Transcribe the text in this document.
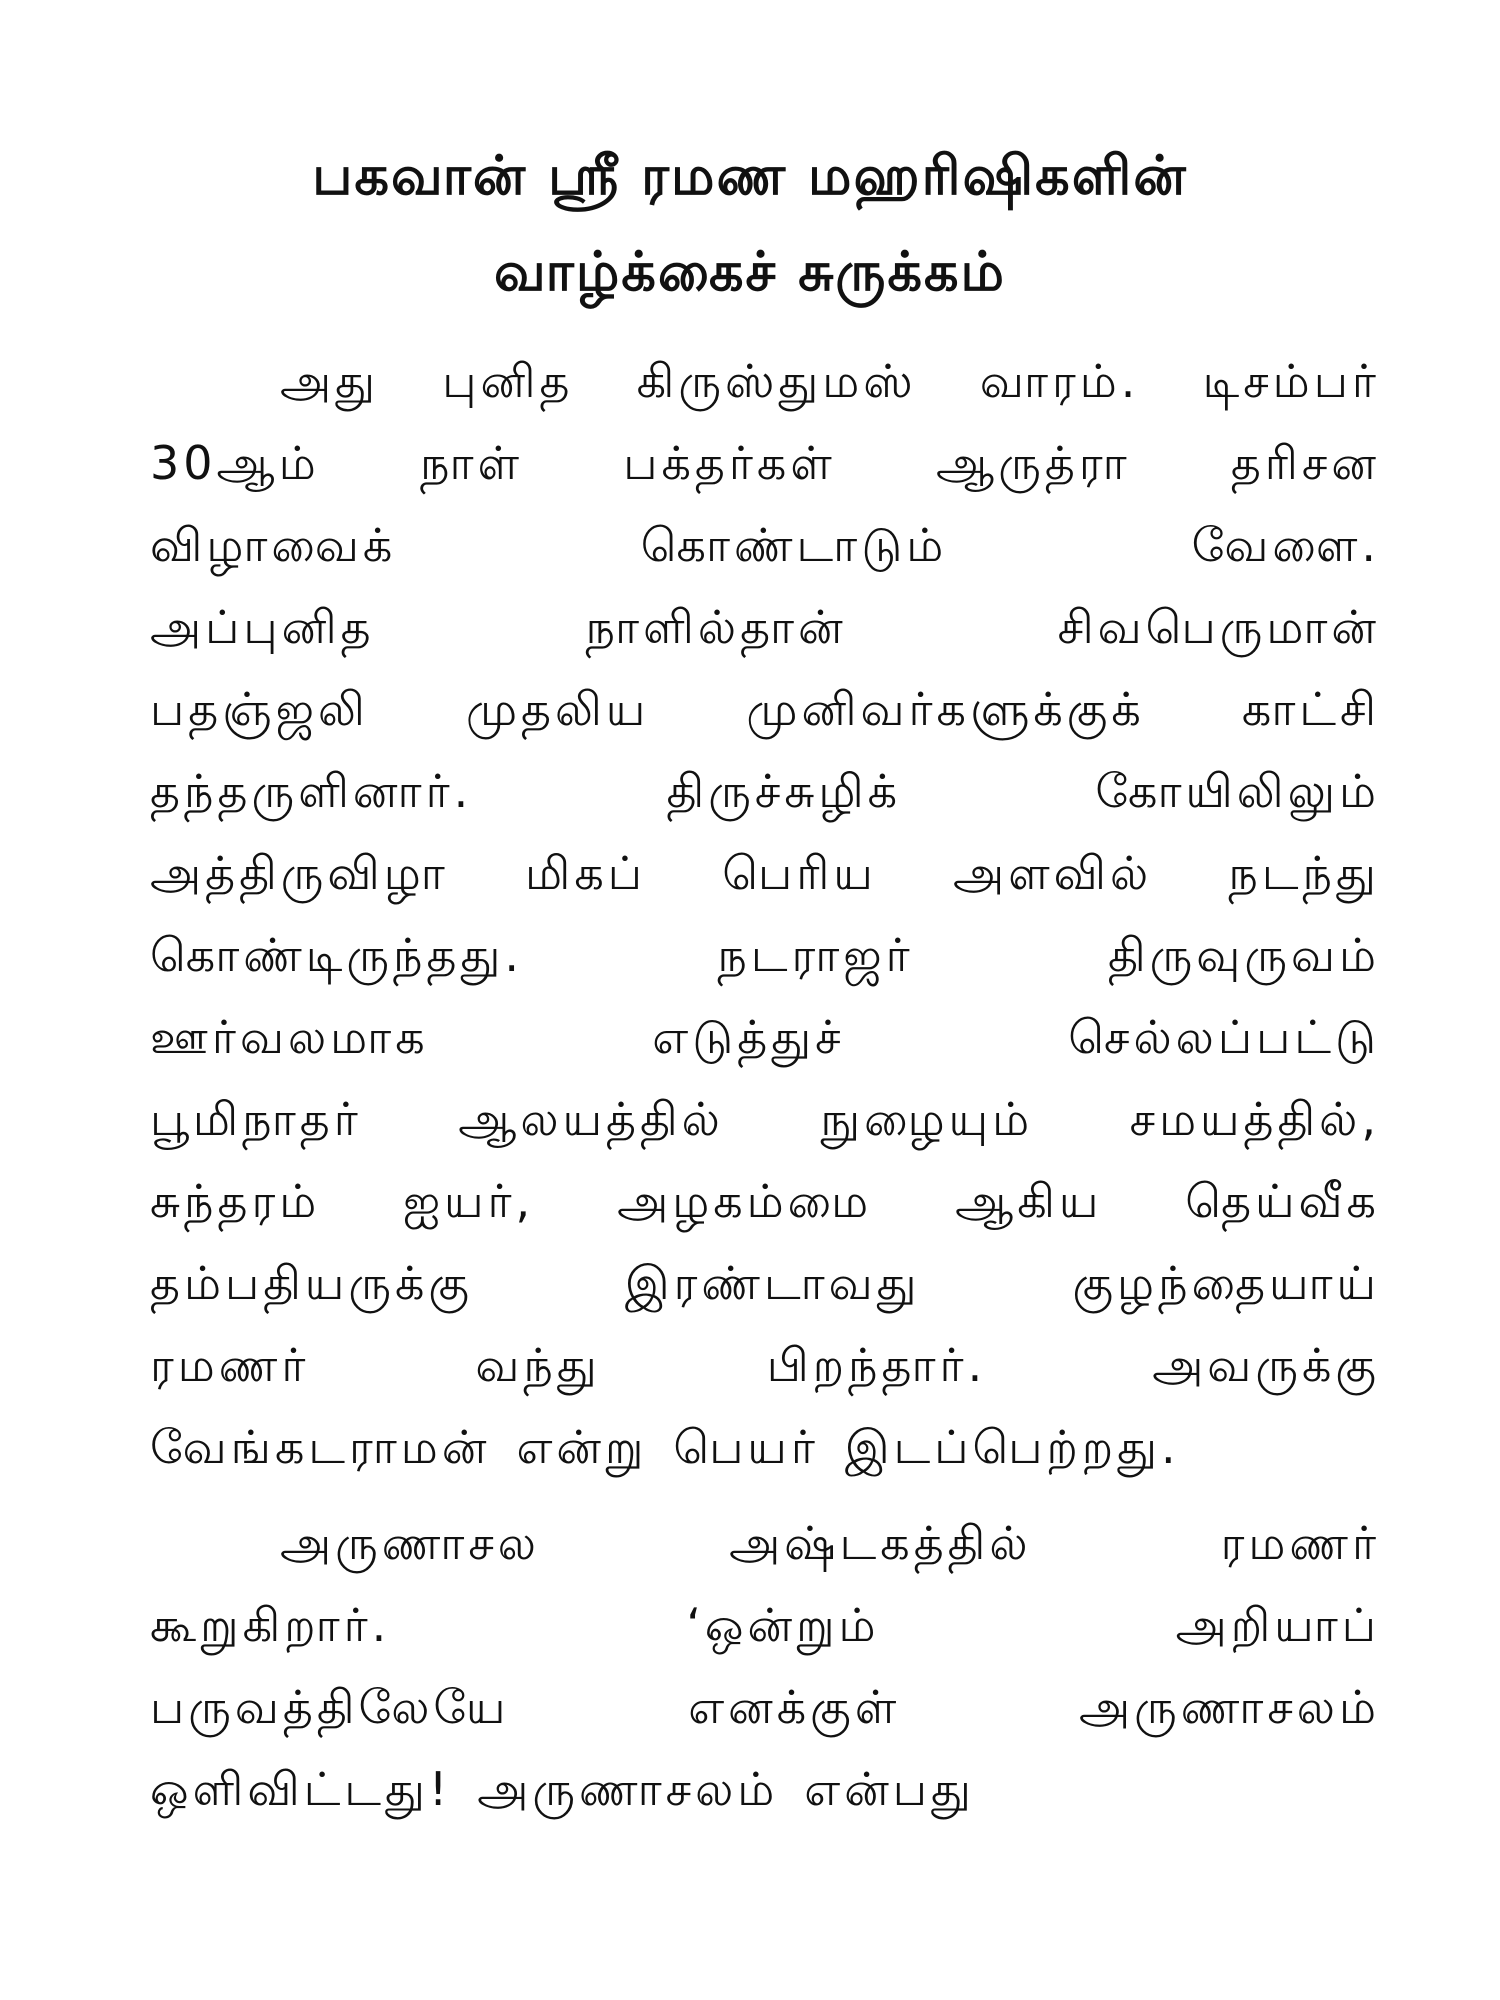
பகவான் ஸ்ரீ ரமண மஹரிஷிகளின்
வாழ்க்கைச் சுருக்கம்
அது புனித கிருஸ்துமஸ் வாரம். டிசம்பர்
30ஆம் நாள் பக்தர்கள் ஆருத்ரா தரிசன
விழாவைக்	கொண்டாடும்	வேளை.
அப்புனித	நாளில்தான்	சிவபெருமான்
பதஞ்ஜலி முதலிய முனிவர்களுக்குக் காட்சி
தந்தருளினார்.	திருச்சுழிக்	கோயிலிலும்
அத்திருவிழா மிகப் பெரிய அளவில் நடந்து
கொண்டிருந்தது.	நடராஜர்	திருவுருவம்
ஊர்வலமாக	எடுத்துச்	செல்லப்பட்டு
பூமிநாதர் ஆலயத்தில் நுழையும் சமயத்தில்,
சுந்தரம் ஐயர், அழகம்மை ஆகிய தெய்வீக
தம்பதியருக்கு	இரண்டாவது	குழந்தையாய்
ரமணர்	வந்து	பிறந்தார்.	அவருக்கு
வேங்கடராமன் என்று பெயர் இடப்பெற்றது.
அருணாசல	அஷ்டகத்தில்	ரமணர்
கூறுகிறார்.	‘ஒன்றும்	அறியாப்
பருவத்திலேயே	எனக்குள்	அருணாசலம்
ஒளிவிட்டது! அருணாசலம் என்பது
